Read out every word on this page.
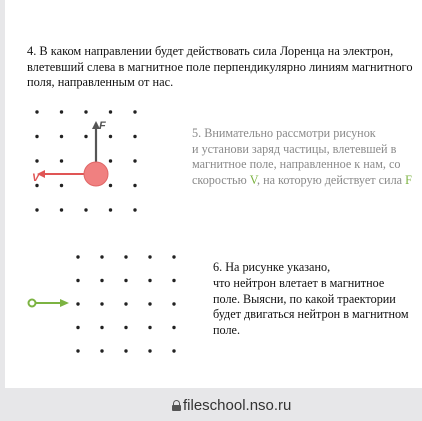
4. В каком направлении будет действовать сила Лоренца на электрон,
влетевший слева в магнитное поле перпендикулярно линиям магнитного
поля, направленным от нас.
F
V
5. Внимательно рассмотри рисунок
и установи заряд частицы, влетевшей в
магнитное поле, направленное к нам, со
скоростью V, на которую действует сила F
6. На рисунке указано,
что нейтрон влетает в магнитное
поле. Выясни, по какой траектории
будет двигаться нейтрон в магнитном
поле.
fileschool.nso.ru
